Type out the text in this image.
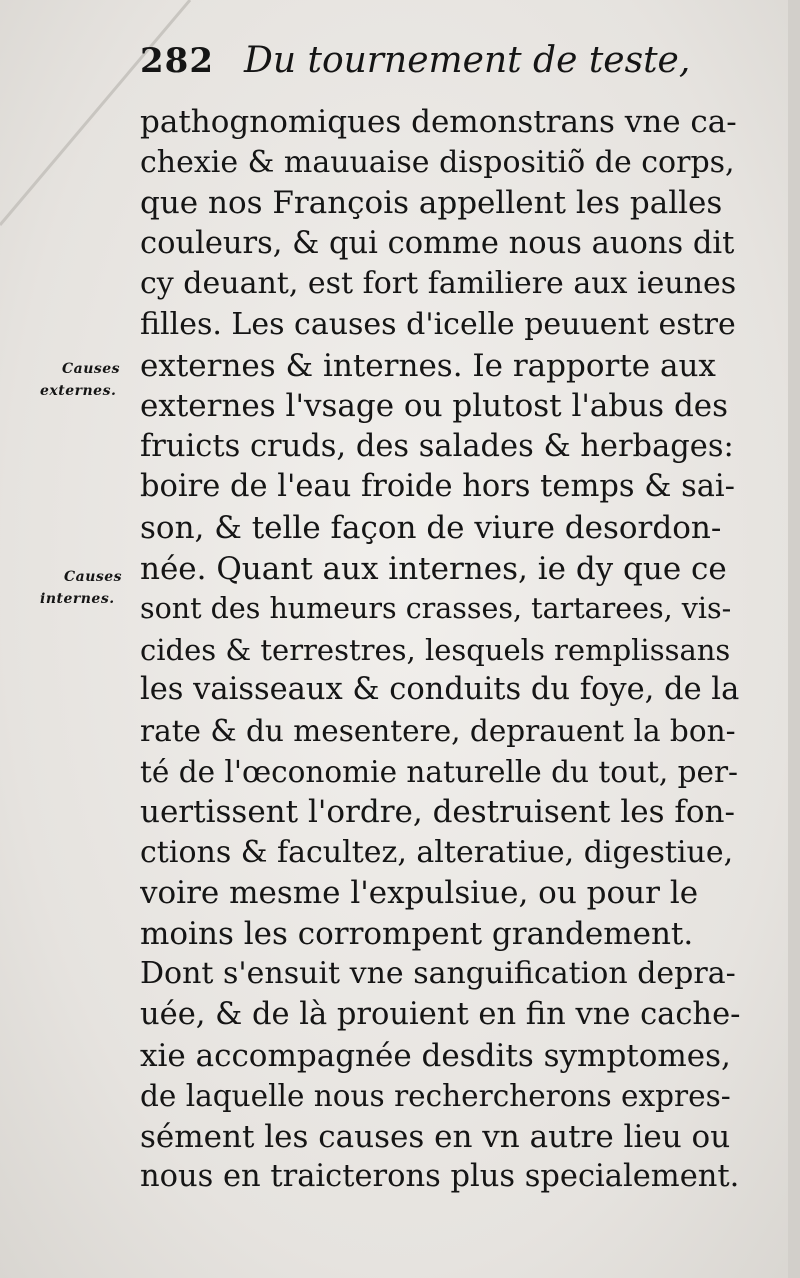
282 Du tournement de teste,
pathognomiques demonstrans vne ca-
chexie & mauuaise dispositiõ de corps,
que nos François appellent les palles
couleurs, & qui comme nous auons dit
cy deuant, est fort familiere aux ieunes
filles. Les causes d'icelle peuuent estre
externes & internes. Ie rapporte aux
externes l'vsage ou plutost l'abus des
fruicts cruds, des salades & herbages:
boire de l'eau froide hors temps & sai-
son, & telle façon de viure desordon-
née. Quant aux internes, ie dy que ce
sont des humeurs crasses, tartarees, vis-
cides & terrestres, lesquels remplissans
les vaisseaux & conduits du foye, de la
rate & du mesentere, deprauent la bon-
té de l'œconomie naturelle du tout, per-
uertissent l'ordre, destruisent les fon-
ctions & facultez, alteratiue, digestiue,
voire mesme l'expulsiue, ou pour le
moins les corrompent grandement.
Dont s'ensuit vne sanguification depra-
uée, & de là prouient en fin vne cache-
xie accompagnée desdits symptomes,
de laquelle nous rechercherons expres-
sément les causes en vn autre lieu ou
nous en traicterons plus specialement.
Causes
externes.
Causes
internes.
